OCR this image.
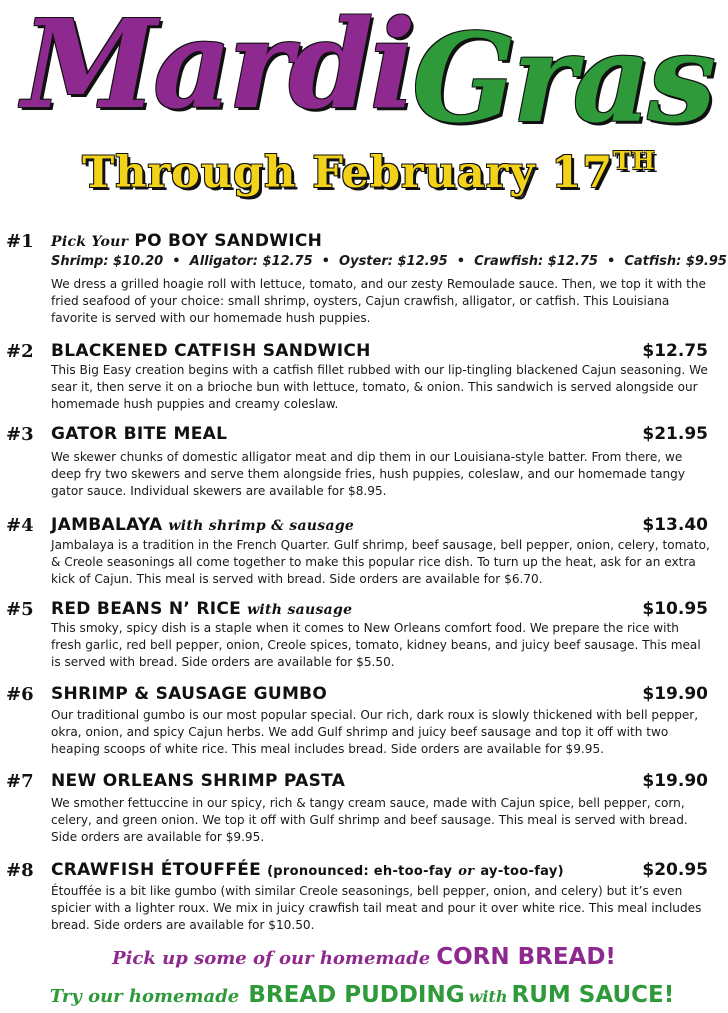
Mardi Gras
Through February 17TH
#1 Pick Your PO BOY SANDWICH
Shrimp: $10.20  •  Alligator: $12.75  •  Oyster: $12.95  •  Crawfish: $12.75  •  Catfish: $9.95
We dress a grilled hoagie roll with lettuce, tomato, and our zesty Remoulade sauce. Then, we top it with the fried seafood of your choice: small shrimp, oysters, Cajun crawfish, alligator, or catfish. This Louisiana favorite is served with our homemade hush puppies.
#2 BLACKENED CATFISH SANDWICH	$12.75
This Big Easy creation begins with a catfish fillet rubbed with our lip-tingling blackened Cajun seasoning. We sear it, then serve it on a brioche bun with lettuce, tomato, & onion. This sandwich is served alongside our homemade hush puppies and creamy coleslaw.
#3 GATOR BITE MEAL	$21.95
We skewer chunks of domestic alligator meat and dip them in our Louisiana-style batter. From there, we deep fry two skewers and serve them alongside fries, hush puppies, coleslaw, and our homemade tangy gator sauce. Individual skewers are available for $8.95.
#4 JAMBALAYA with shrimp & sausage	$13.40
Jambalaya is a tradition in the French Quarter. Gulf shrimp, beef sausage, bell pepper, onion, celery, tomato, & Creole seasonings all come together to make this popular rice dish. To turn up the heat, ask for an extra kick of Cajun. This meal is served with bread. Side orders are available for $6.70.
#5 RED BEANS N’ RICE with sausage	$10.95
This smoky, spicy dish is a staple when it comes to New Orleans comfort food. We prepare the rice with fresh garlic, red bell pepper, onion, Creole spices, tomato, kidney beans, and juicy beef sausage. This meal is served with bread. Side orders are available for $5.50.
#6 SHRIMP & SAUSAGE GUMBO	$19.90
Our traditional gumbo is our most popular special. Our rich, dark roux is slowly thickened with bell pepper, okra, onion, and spicy Cajun herbs. We add Gulf shrimp and juicy beef sausage and top it off with two heaping scoops of white rice. This meal includes bread. Side orders are available for $9.95.
#7 NEW ORLEANS SHRIMP PASTA	$19.90
We smother fettuccine in our spicy, rich & tangy cream sauce, made with Cajun spice, bell pepper, corn, celery, and green onion. We top it off with Gulf shrimp and beef sausage. This meal is served with bread. Side orders are available for $9.95.
#8 CRAWFISH ÉTOUFFÉE (pronounced: eh-too-fay or ay-too-fay)	$20.95
Étouffée is a bit like gumbo (with similar Creole seasonings, bell pepper, onion, and celery) but it’s even spicier with a lighter roux. We mix in juicy crawfish tail meat and pour it over white rice. This meal includes bread. Side orders are available for $10.50.
Pick up some of our homemade CORN BREAD!
Try our homemade BREAD PUDDING with RUM SAUCE!
